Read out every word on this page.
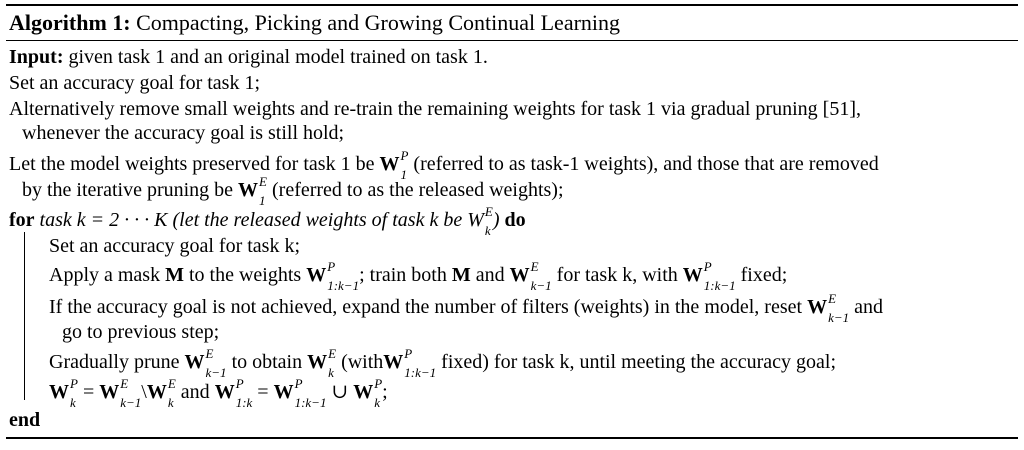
Algorithm 1: Compacting, Picking and Growing Continual Learning
Input: given task 1 and an original model trained on task 1.
Set an accuracy goal for task 1;
Alternatively remove small weights and re-train the remaining weights for task 1 via gradual pruning [51],
whenever the accuracy goal is still hold;
Let the model weights preserved for task 1 be W P
1 (referred to as task-1 weights), and those that are removed
by the iterative pruning be W E
1 (referred to as the released weights);
for task k = 2 · · · K (let the released weights of task k be W E
k ) do
Set an accuracy goal for task k;
Apply a mask M to the weights W P
1:k−1 ; train both M and W E
k−1 for task k, with W P
1:k−1 fixed;
If the accuracy goal is not achieved, expand the number of filters (weights) in the model, reset W E
k−1 and
go to previous step;
Gradually prune W E
k−1 to obtain W E
k (withW P
1:k−1 fixed) for task k, until meeting the accuracy goal;
W P
k = W E
k−1 \W E
k and W P
1:k = W P
1:k−1 ∪ W P
k ;
end
